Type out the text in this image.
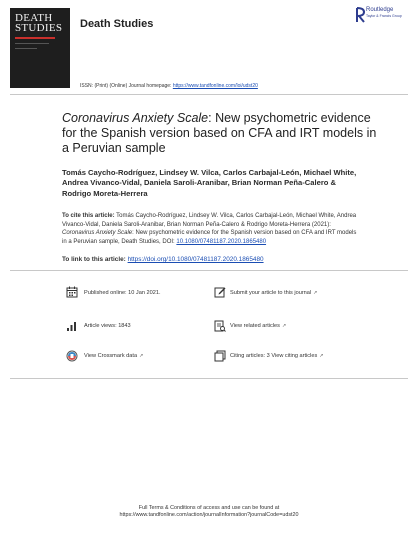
DEATH
STUDIES Death Studies
ISSN: (Print) (Online) Journal homepage: https://www.tandfonline.com/loi/udst20
Routledge
Taylor & Francis Group
Coronavirus Anxiety Scale: New psychometric evidence for the Spanish version based on CFA and IRT models in a Peruvian sample
Tomás Caycho-Rodríguez, Lindsey W. Vilca, Carlos Carbajal-León, Michael White, Andrea Vivanco-Vidal, Daniela Saroli-Aranibar, Brian Norman Peña-Calero & Rodrigo Moreta-Herrera
To cite this article: Tomás Caycho-Rodríguez, Lindsey W. Vilca, Carlos Carbajal-León, Michael White, Andrea Vivanco-Vidal, Daniela Saroli-Aranibar, Brian Norman Peña-Calero & Rodrigo Moreta-Herrera (2021): Coronavirus Anxiety Scale: New psychometric evidence for the Spanish version based on CFA and IRT models in a Peruvian sample, Death Studies, DOI: 10.1080/07481187.2020.1865480
To link to this article: https://doi.org/10.1080/07481187.2020.1865480
Published online: 10 Jan 2021.	Submit your article to this journal ↗
Article views: 1843	View related articles ↗
View Crossmark data ↗	Citing articles: 3 View citing articles ↗
Full Terms & Conditions of access and use can be found at
https://www.tandfonline.com/action/journalInformation?journalCode=udst20
